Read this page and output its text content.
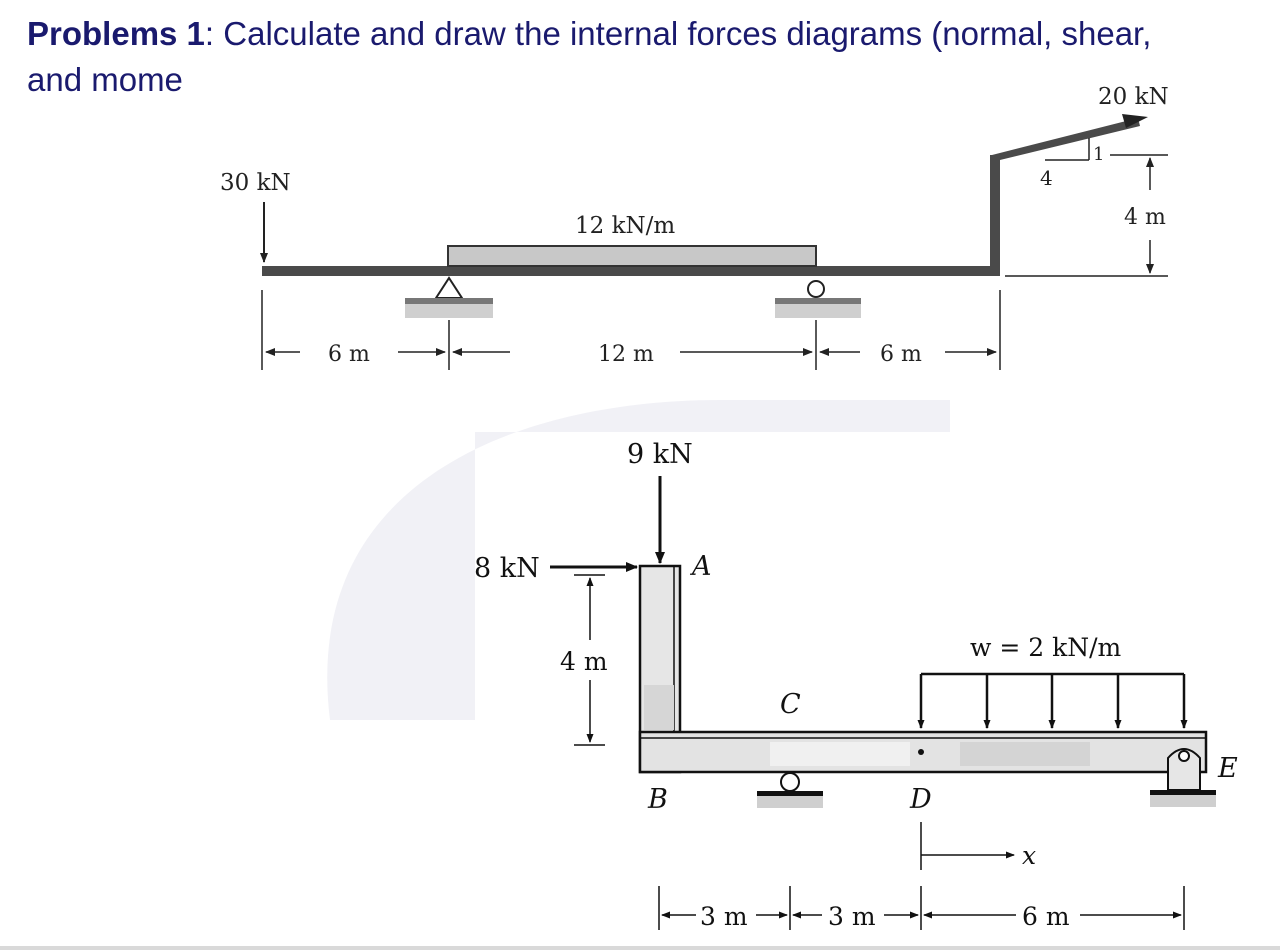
Problems 1: Calculate and draw the internal forces diagrams (normal, shear,
and mome
30 kN
12 kN/m
20 kN
4
1
4 m
6 m	12 m	6 m
9 kN
8 kN	A
B
C
D
E
4 m	w = 2 kN/m
x
3 m	3 m	6 m
